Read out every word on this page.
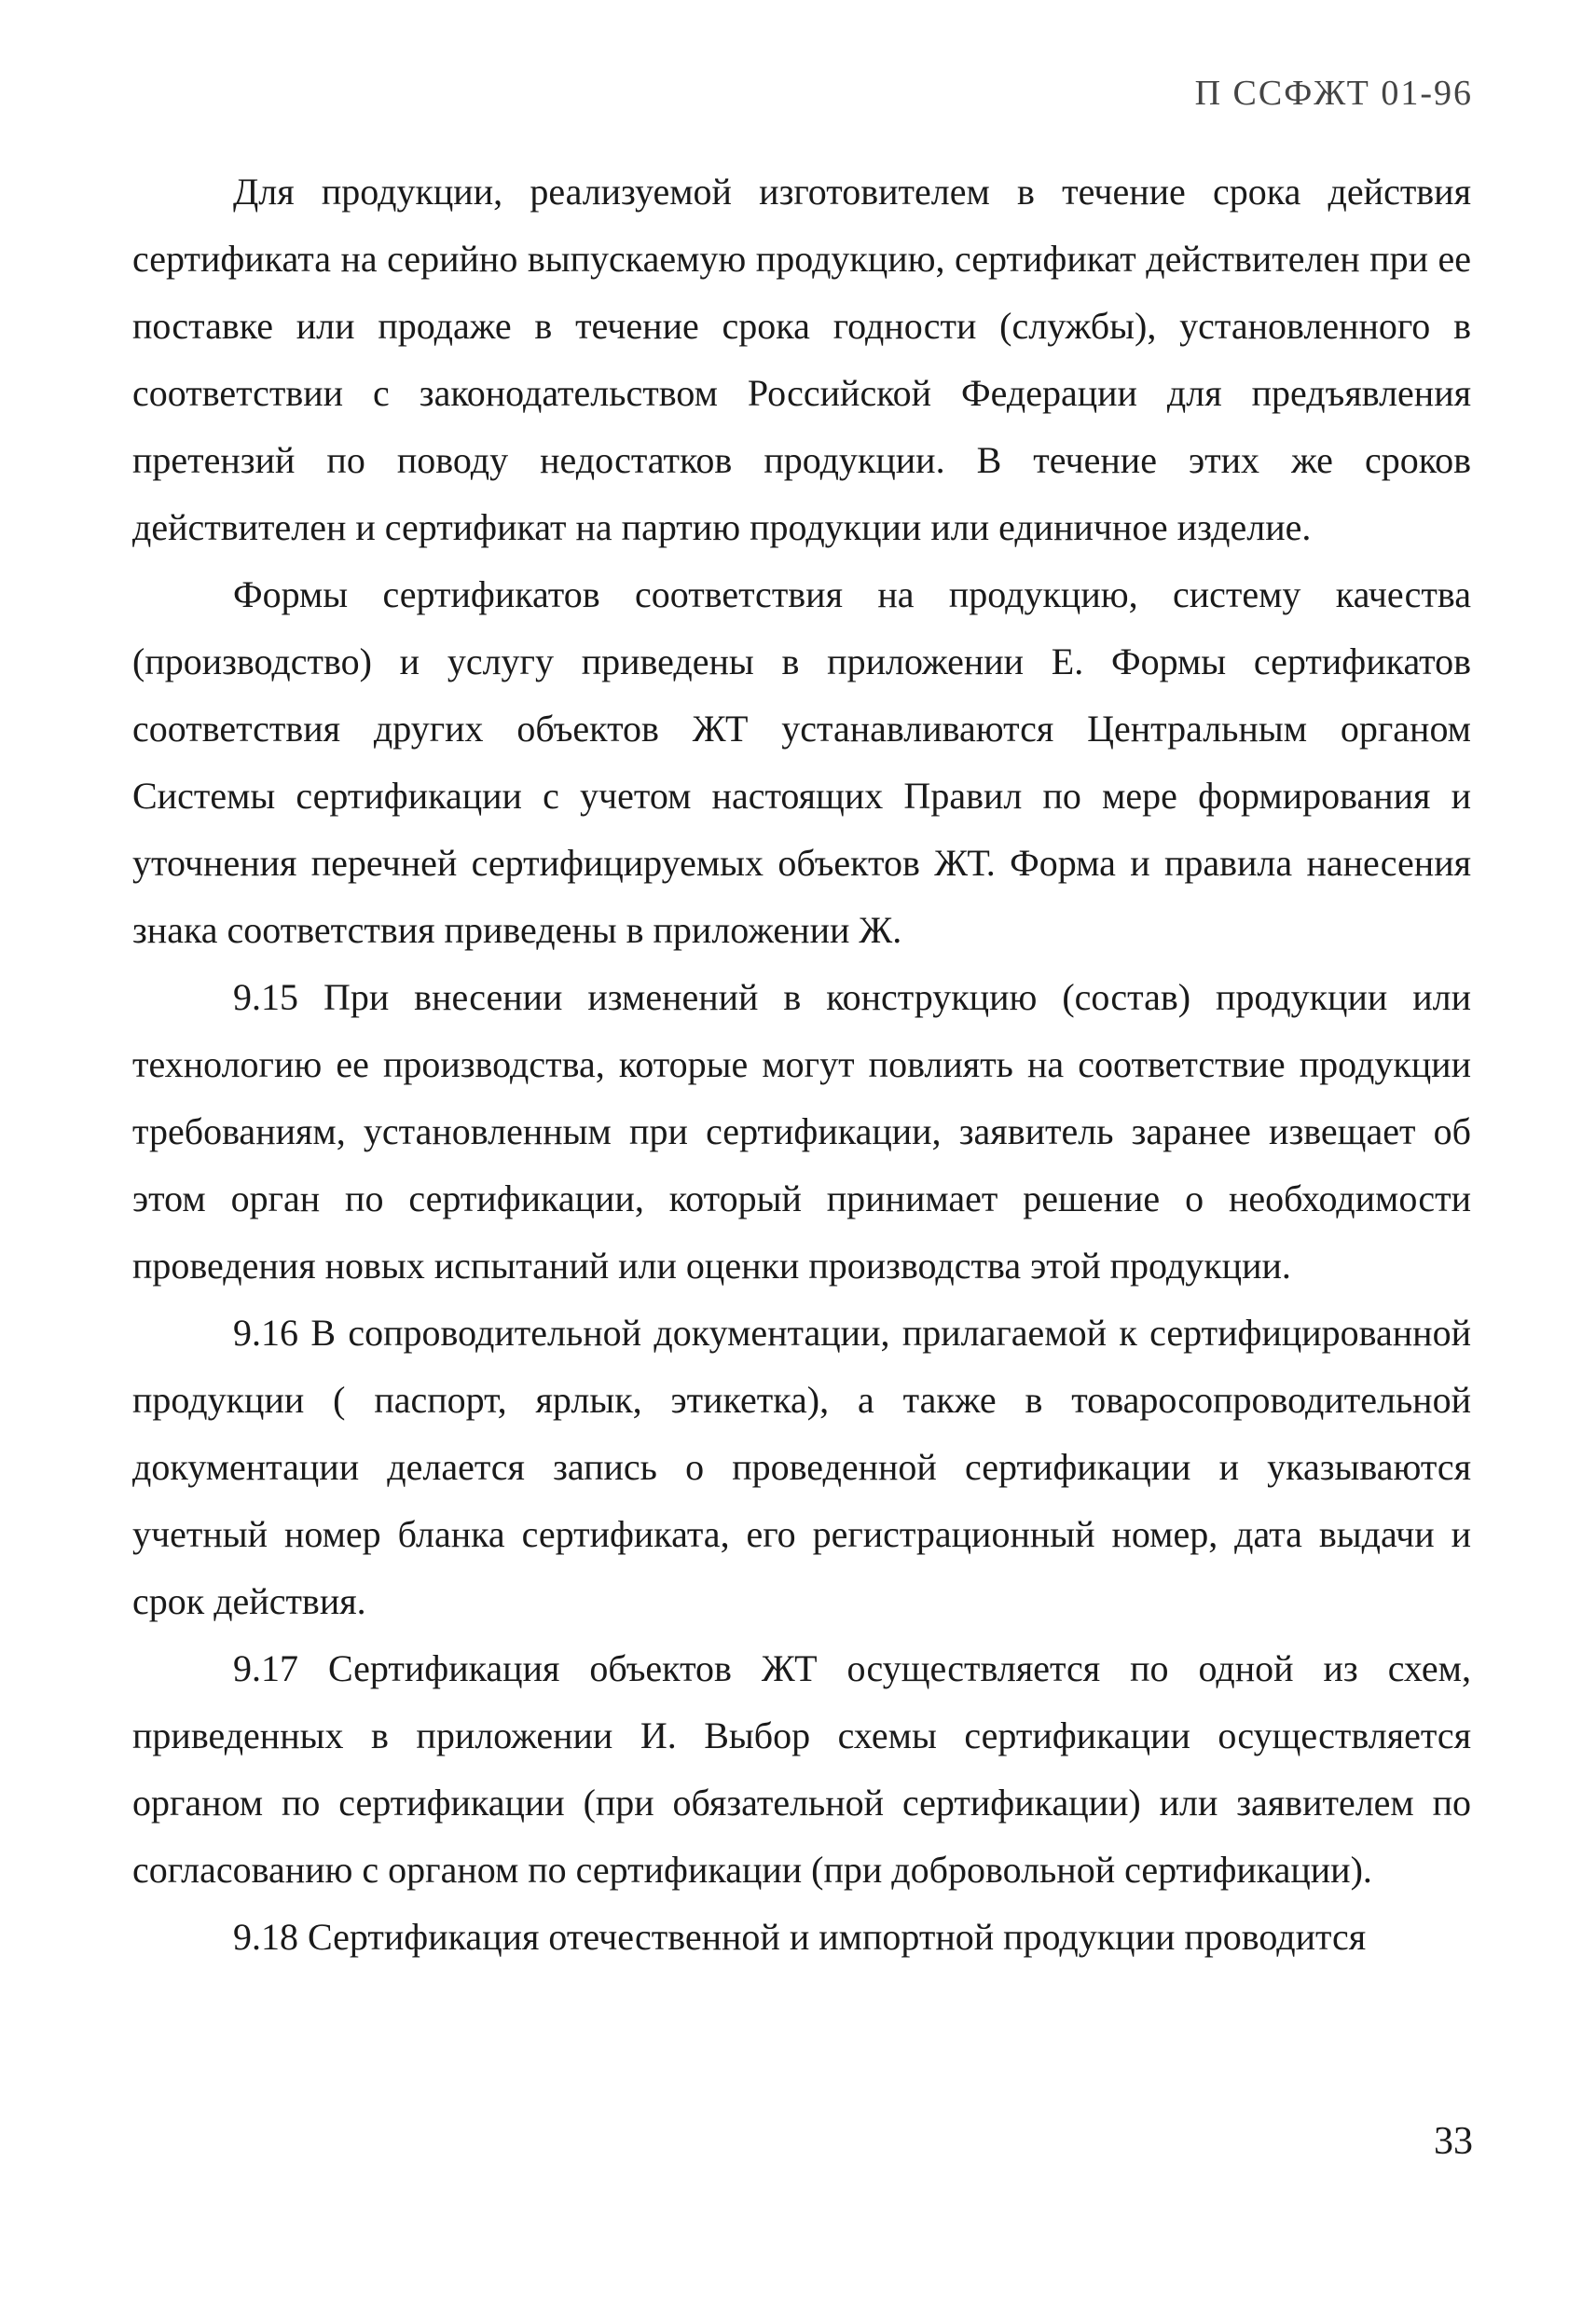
П ССФЖТ 01-96

Для продукции, реализуемой изготовителем в течение срока действия сертификата на серийно выпускаемую продукцию, сертификат действителен при ее поставке или продаже в течение срока годности (службы), установленного в соответствии с законодательством Российской Федерации для предъявления претензий по поводу недостатков продукции. В течение этих же сроков действителен и сертификат на партию продукции или единичное изделие.

Формы сертификатов соответствия на продукцию, систему качества (производство) и услугу приведены в приложении Е. Формы сертификатов соответствия других объектов ЖТ устанавливаются Центральным органом Системы сертификации с учетом настоящих Правил по мере формирования и уточнения перечней сертифицируемых объектов ЖТ. Форма и правила нанесения знака соответствия приведены в приложении Ж.

9.15 При внесении изменений в конструкцию (состав) продукции или технологию ее производства, которые могут повлиять на соответствие продукции требованиям, установленным при сертификации, заявитель заранее извещает об этом орган по сертификации, который принимает решение о необходимости проведения новых испытаний или оценки производства этой продукции.

9.16 В сопроводительной документации, прилагаемой к сертифицированной продукции ( паспорт, ярлык, этикетка), а также в товаросопроводительной документации делается запись о проведенной сертификации и указываются учетный номер бланка сертификата, его регистрационный номер, дата выдачи и срок действия.

9.17 Сертификация объектов ЖТ осуществляется по одной из схем, приведенных в приложении И. Выбор схемы сертификации осуществляется органом по сертификации (при обязательной сертификации) или заявителем по согласованию с органом по сертификации (при добровольной сертификации).

9.18 Сертификация отечественной и импортной продукции проводится

33
